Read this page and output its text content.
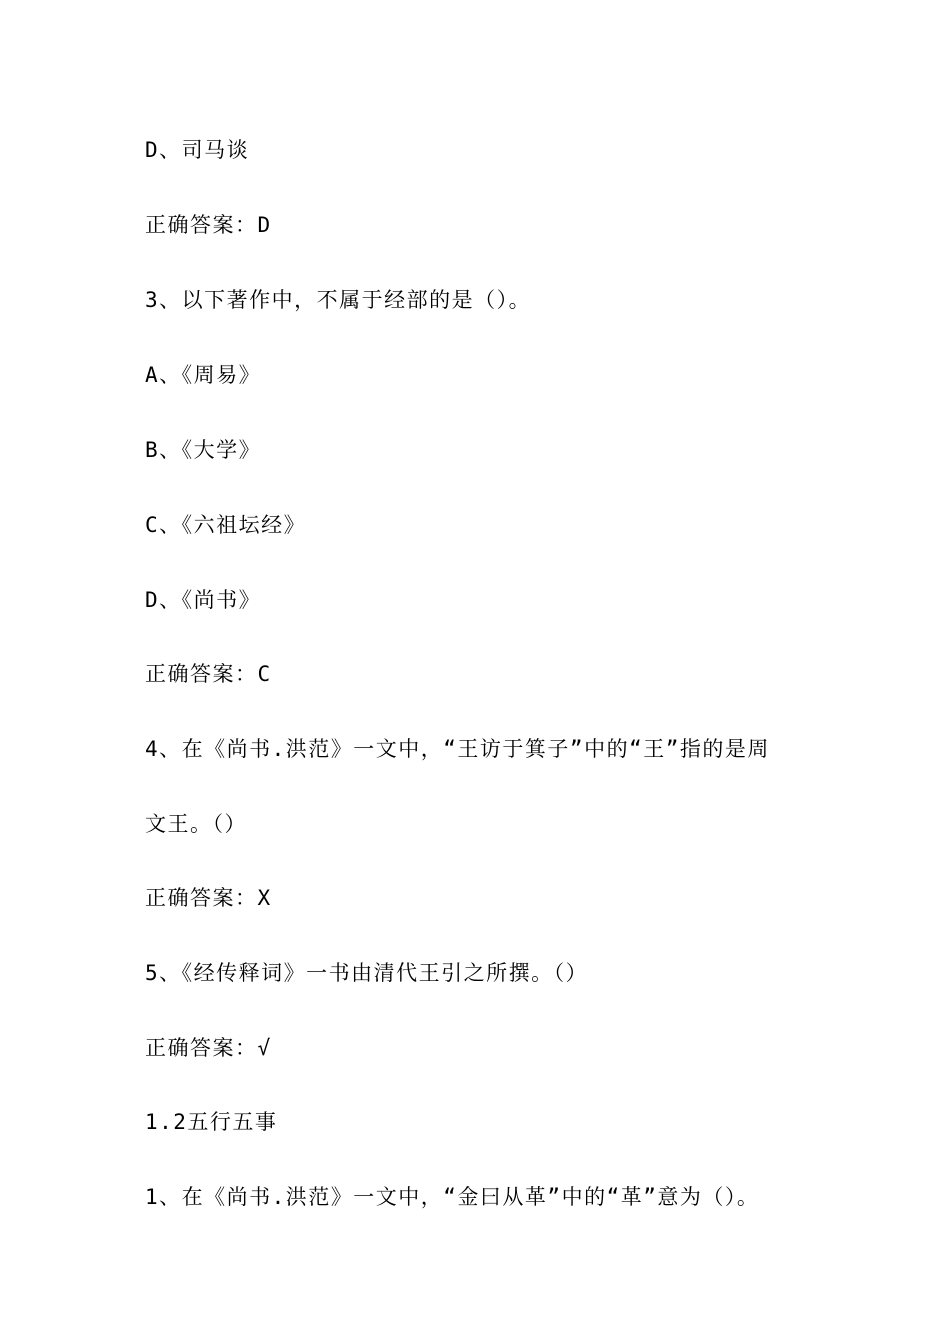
D、司马谈

正确答案：D

3、以下著作中，不属于经部的是（）。

A、《周易》

B、《大学》

C、《六祖坛经》

D、《尚书》

正确答案：C

4、在《尚书.洪范》一文中，“王访于箕子”中的“王”指的是周

文王。（）

正确答案：X

5、《经传释词》一书由清代王引之所撰。（）

正确答案：√

1.2五行五事

1、在《尚书.洪范》一文中，“金曰从革”中的“革”意为（）。
